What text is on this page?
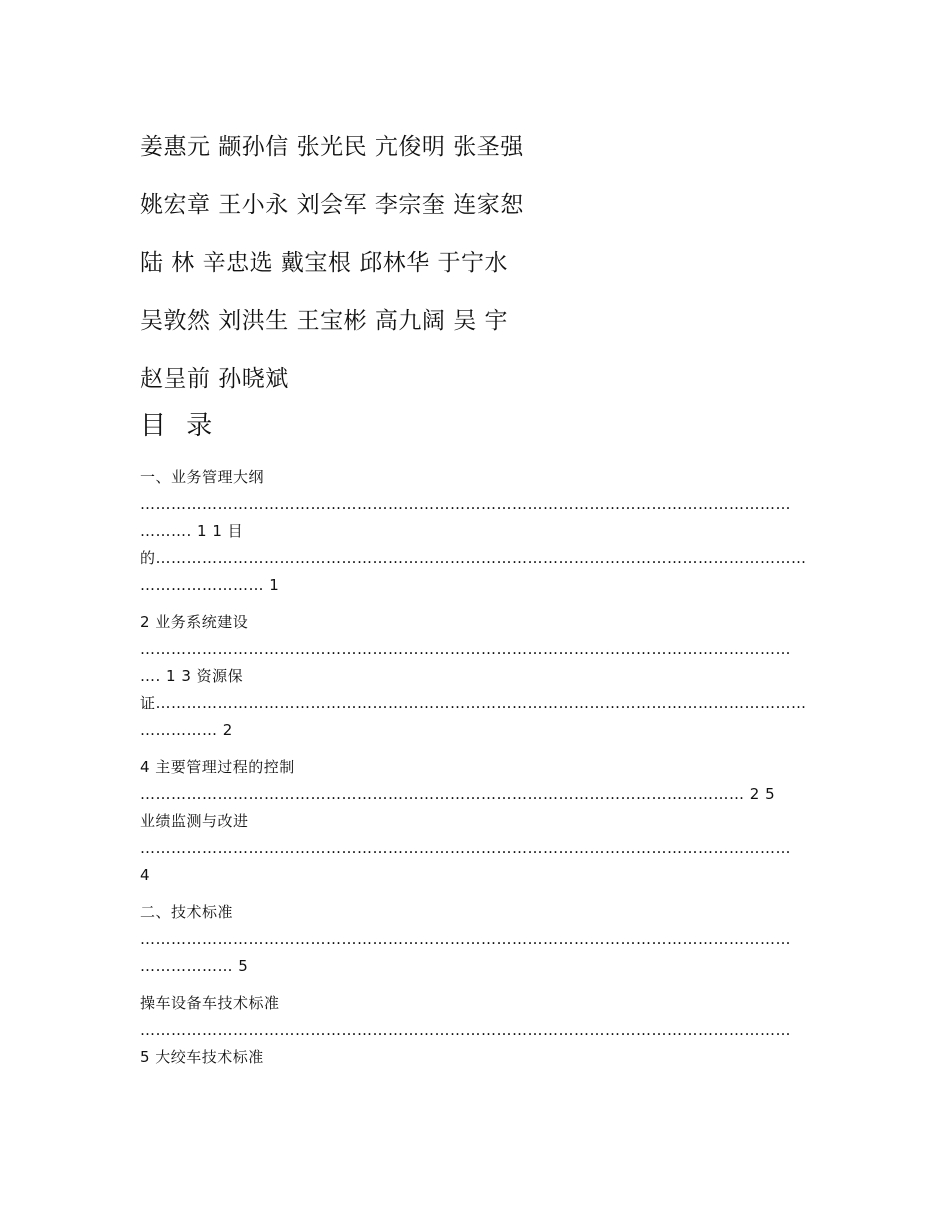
姜惠元 颛孙信 张光民 亢俊明 张圣强
姚宏章 王小永 刘会军 李宗奎 连家恕
陆 林 辛忠选 戴宝根 邱林华 于宁水
吴敦然 刘洪生 王宝彬 高九阔 吴 宇
赵呈前 孙晓斌
目 录
一、业务管理大纲
………………………………………………………………………………………………………………
………. 1 1 目
的………………………………………………………………………………………………………………
…………………… 1
2 业务系统建设
………………………………………………………………………………………………………………
…. 1 3 资源保
证………………………………………………………………………………………………………………
…………… 2
4 主要管理过程的控制
……………………………………………………………………………………………………… 2 5
业绩监测与改进
………………………………………………………………………………………………………………
4
二、技术标准
………………………………………………………………………………………………………………
……………… 5
操车设备车技术标准
………………………………………………………………………………………………………………
5 大绞车技术标准
